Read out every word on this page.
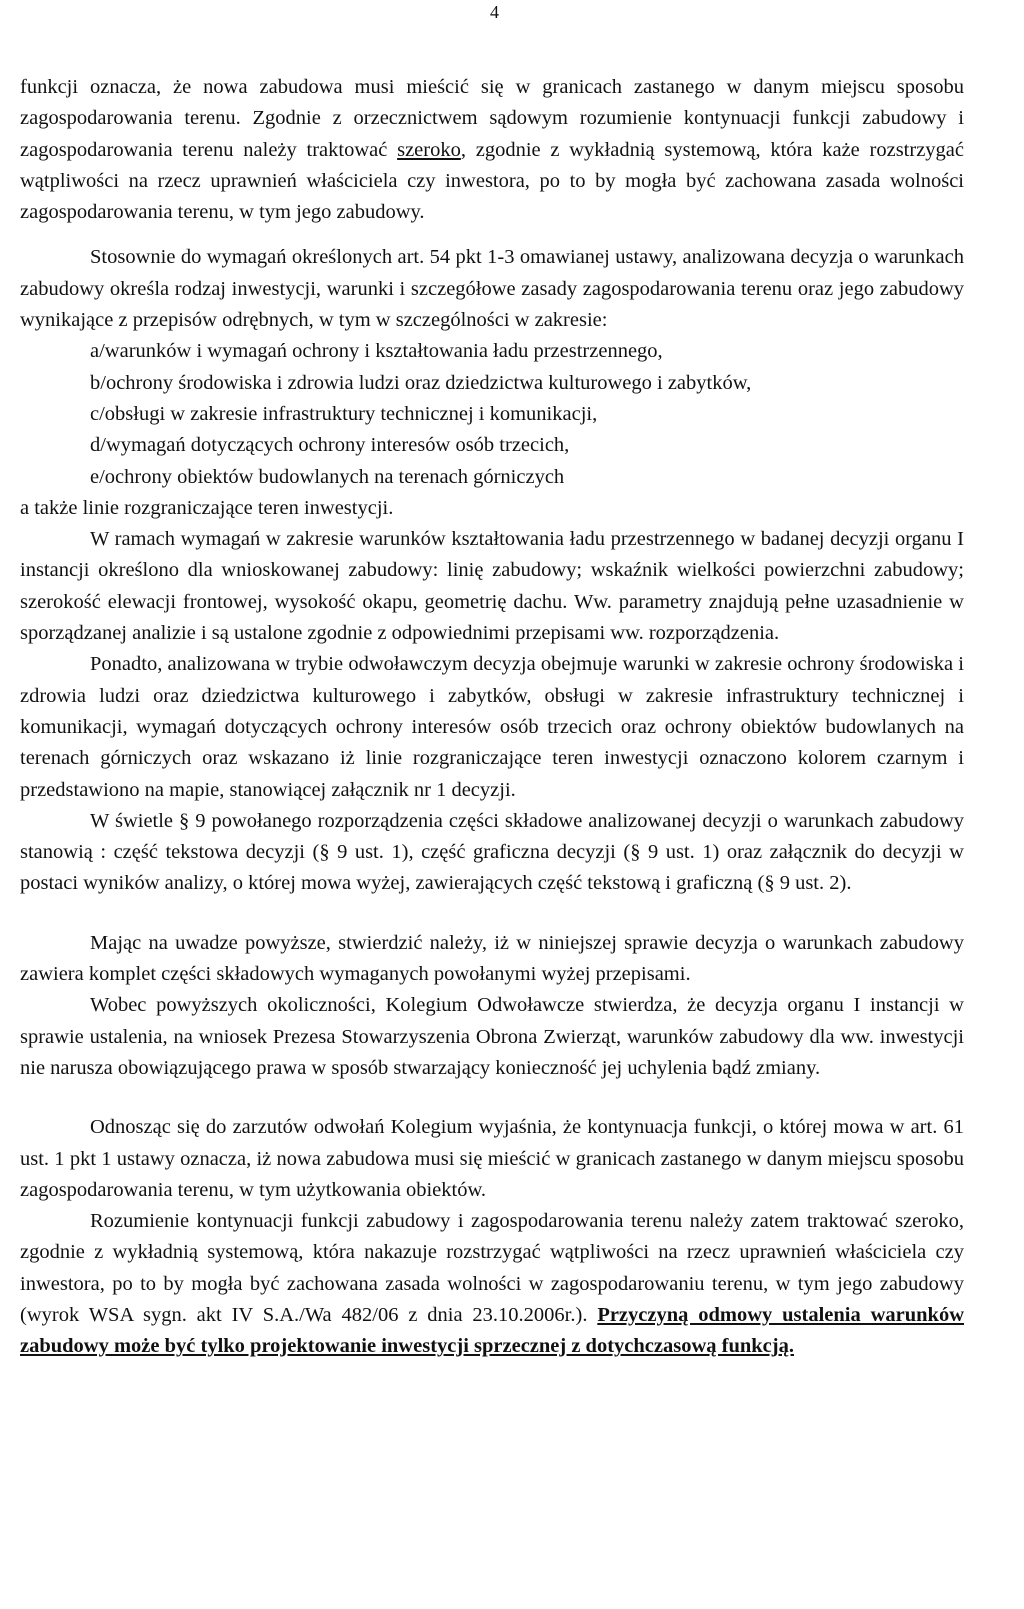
4

funkcji oznacza, że nowa zabudowa musi mieścić się w granicach zastanego w danym miejscu sposobu zagospodarowania terenu. Zgodnie z orzecznictwem sądowym rozumienie kontynuacji funkcji zabudowy i zagospodarowania terenu należy traktować szeroko, zgodnie z wykładnią systemową, która każe rozstrzygać wątpliwości na rzecz uprawnień właściciela czy inwestora, po to by mogła być zachowana zasada wolności zagospodarowania terenu, w tym jego zabudowy.

Stosownie do wymagań określonych art. 54 pkt 1-3 omawianej ustawy, analizowana decyzja o warunkach zabudowy określa rodzaj inwestycji, warunki i szczegółowe zasady zagospodarowania terenu oraz jego zabudowy wynikające z przepisów odrębnych, w tym w szczególności w zakresie:

a/warunków i wymagań ochrony i kształtowania ładu przestrzennego,

b/ochrony środowiska i zdrowia ludzi oraz dziedzictwa kulturowego i zabytków,

c/obsługi w zakresie infrastruktury technicznej i komunikacji,

d/wymagań dotyczących ochrony interesów osób trzecich,

e/ochrony obiektów budowlanych na terenach górniczych

a także linie rozgraniczające teren inwestycji.

W ramach wymagań w zakresie warunków kształtowania ładu przestrzennego w badanej decyzji organu I instancji określono dla wnioskowanej zabudowy: linię zabudowy; wskaźnik wielkości powierzchni zabudowy; szerokość elewacji frontowej, wysokość okapu, geometrię dachu. Ww. parametry znajdują pełne uzasadnienie w sporządzanej analizie i są ustalone zgodnie z odpowiednimi przepisami ww. rozporządzenia.

Ponadto, analizowana w trybie odwoławczym decyzja obejmuje warunki w zakresie ochrony środowiska i zdrowia ludzi oraz dziedzictwa kulturowego i zabytków, obsługi w zakresie infrastruktury technicznej i komunikacji, wymagań dotyczących ochrony interesów osób trzecich oraz ochrony obiektów budowlanych na terenach górniczych oraz wskazano iż linie rozgraniczające teren inwestycji oznaczono kolorem czarnym i przedstawiono na mapie, stanowiącej załącznik nr 1 decyzji.

W świetle § 9 powołanego rozporządzenia części składowe analizowanej decyzji o warunkach zabudowy stanowią : część tekstowa decyzji (§ 9 ust. 1), część graficzna decyzji (§ 9 ust. 1) oraz załącznik do decyzji w postaci wyników analizy, o której mowa wyżej, zawierających część tekstową i graficzną (§ 9 ust. 2).

Mając na uwadze powyższe, stwierdzić należy, iż w niniejszej sprawie decyzja o warunkach zabudowy zawiera komplet części składowych wymaganych powołanymi wyżej przepisami.

Wobec powyższych okoliczności, Kolegium Odwoławcze stwierdza, że decyzja organu I instancji w sprawie ustalenia, na wniosek Prezesa Stowarzyszenia Obrona Zwierząt, warunków zabudowy dla ww. inwestycji nie narusza obowiązującego prawa w sposób stwarzający konieczność jej uchylenia bądź zmiany.

Odnosząc się do zarzutów odwołań Kolegium wyjaśnia, że kontynuacja funkcji, o której mowa w art. 61 ust. 1 pkt 1 ustawy oznacza, iż nowa zabudowa musi się mieścić w granicach zastanego w danym miejscu sposobu zagospodarowania terenu, w tym użytkowania obiektów.

Rozumienie kontynuacji funkcji zabudowy i zagospodarowania terenu należy zatem traktować szeroko, zgodnie z wykładnią systemową, która nakazuje rozstrzygać wątpliwości na rzecz uprawnień właściciela czy inwestora, po to by mogła być zachowana zasada wolności w zagospodarowaniu terenu, w tym jego zabudowy (wyrok WSA sygn. akt IV S.A./Wa 482/06 z dnia 23.10.2006r.). Przyczyną odmowy ustalenia warunków zabudowy może być tylko projektowanie inwestycji sprzecznej z dotychczasową funkcją.
